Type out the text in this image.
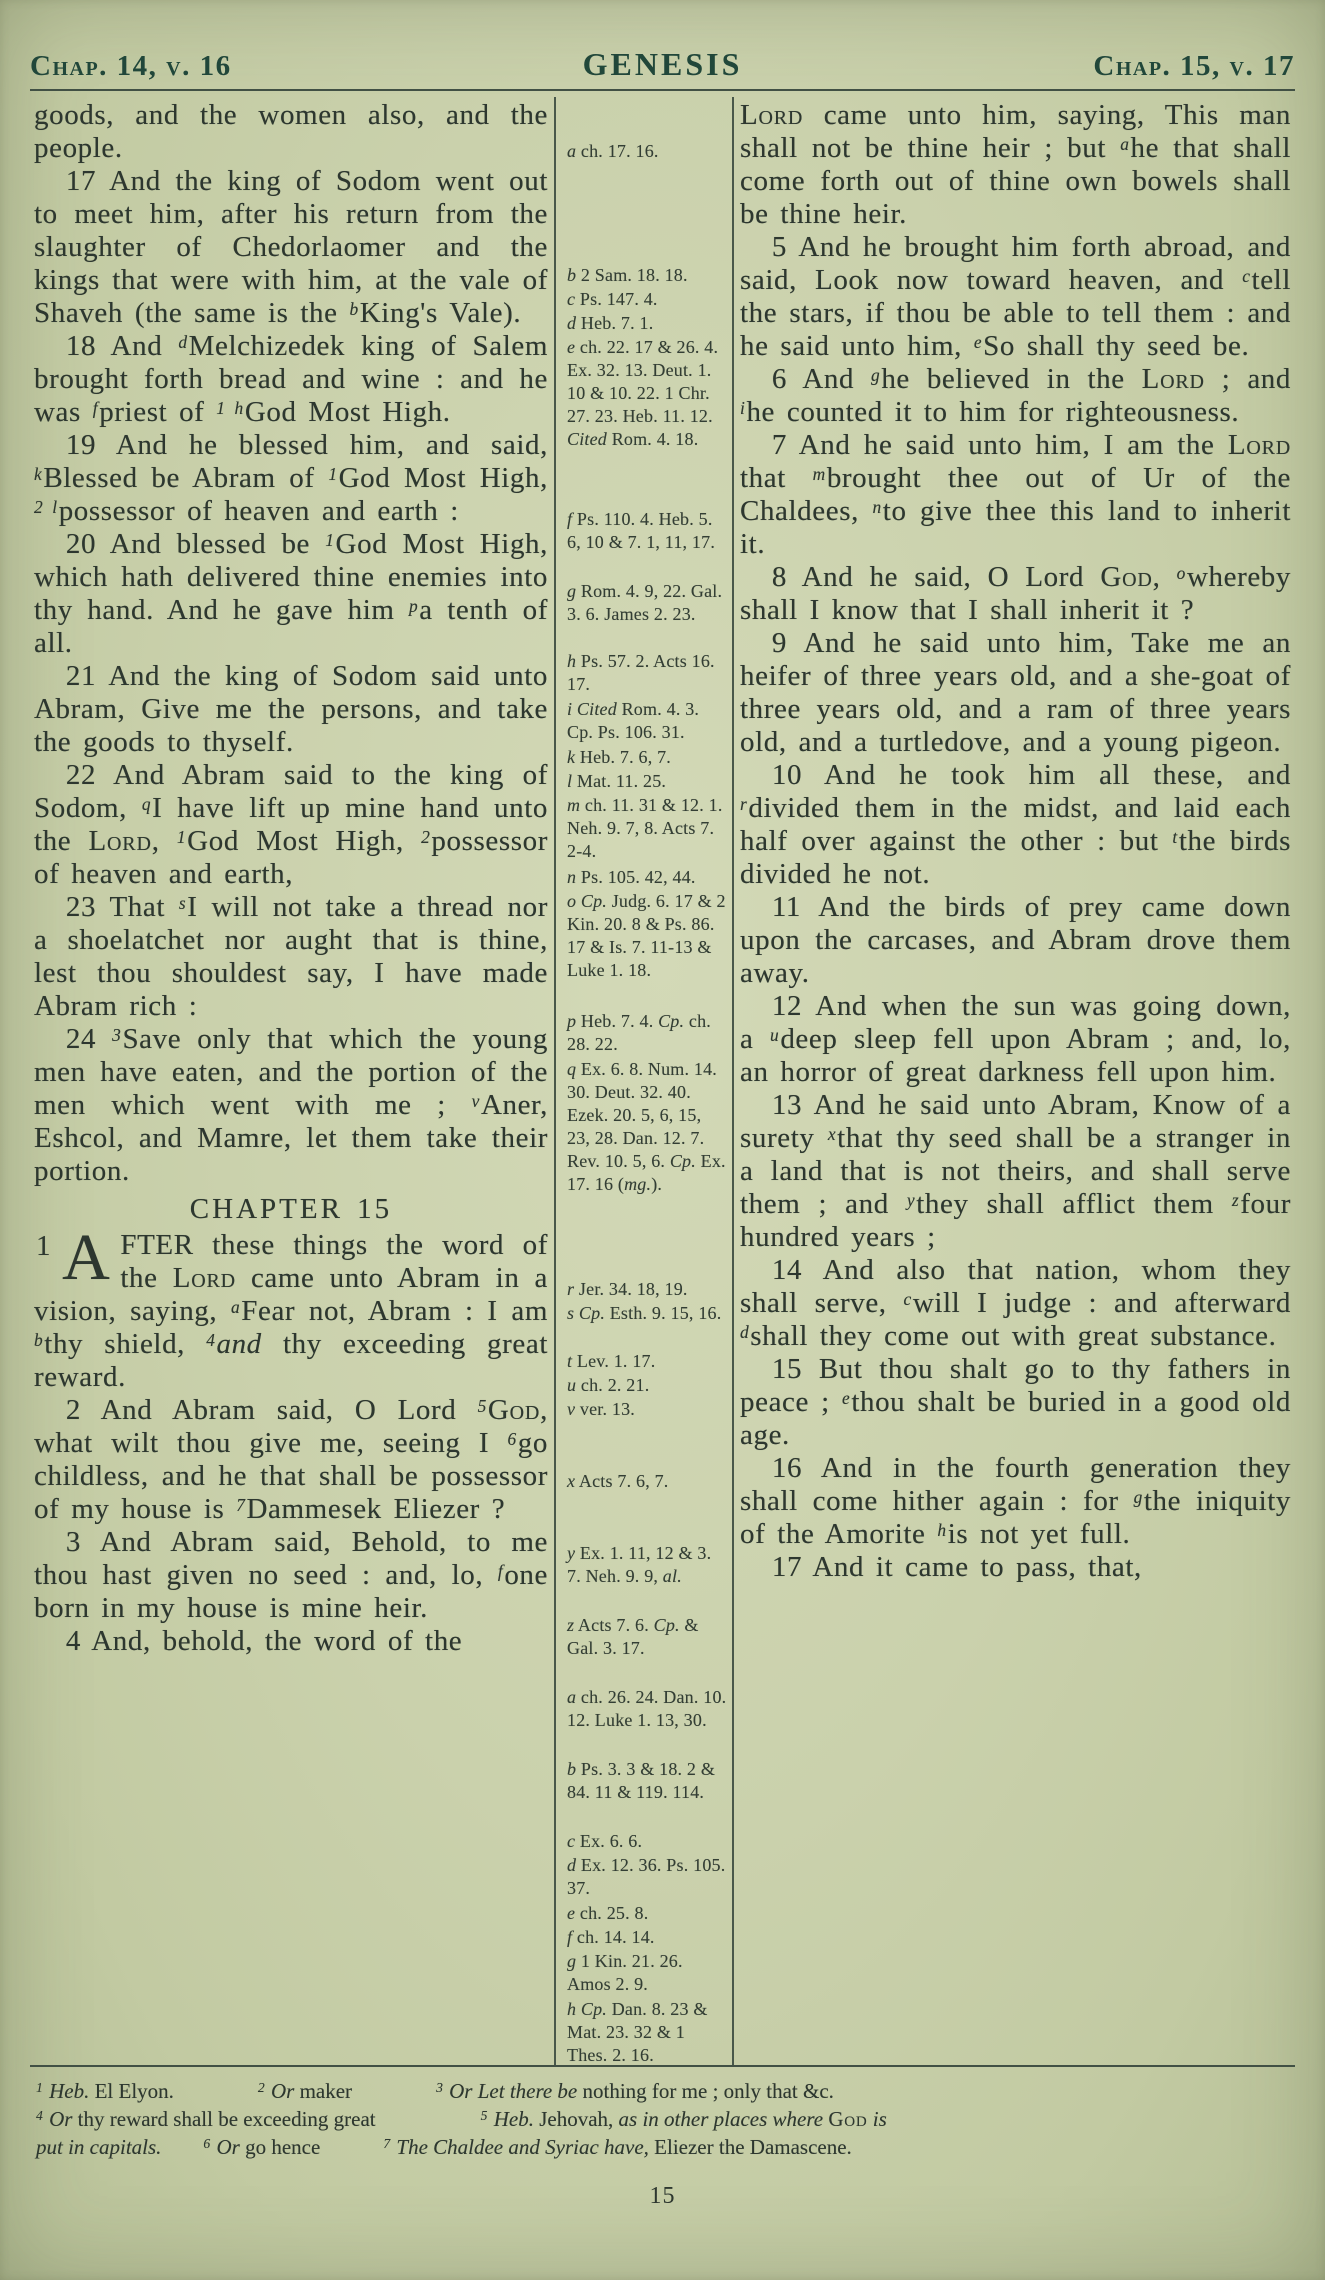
Chap. 14, v. 16	GENESIS	Chap. 15, v. 17

goods, and the women also, and the people.

17 And the king of Sodom went out to meet him, after his return from the slaughter of Chedorlaomer and the kings that were with him, at the vale of Shaveh (the same is the $^b$King's Vale).

18 And $^d$Melchizedek king of Salem brought forth bread and wine : and he was $^f$priest of $^{1 h}$God Most High.

19 And he blessed him, and said, $^k$Blessed be Abram of $^1$God Most High, $^{2 l}$possessor of heaven and earth :

20 And blessed be $^1$God Most High, which hath delivered thine enemies into thy hand. And he gave him $^p$a tenth of all.

21 And the king of Sodom said unto Abram, Give me the persons, and take the goods to thyself.

22 And Abram said to the king of Sodom, $^q$I have lift up mine hand unto the Lord, $^1$God Most High, $^2$possessor of heaven and earth,

23 That $^s$I will not take a thread nor a shoelatchet nor aught that is thine, lest thou shouldest say, I have made Abram rich :

24 $^3$Save only that which the young men have eaten, and the portion of the men which went with me ; $^v$Aner, Eshcol, and Mamre, let them take their portion.

CHAPTER 15

1 A FTER these things the word of the Lord came unto Abram in a vision, saying, $^a$Fear not, Abram : I am $^b$thy shield, $^4$and thy exceeding great reward.

2 And Abram said, O Lord $^5$God, what wilt thou give me, seeing I $^6$go childless, and he that shall be possessor of my house is $^7$Dammesek Eliezer ?

3 And Abram said, Behold, to me thou hast given no seed : and, lo, $^f$one born in my house is mine heir.

4 And, behold, the word of the

a ch. 17. 16.
b 2 Sam. 18. 18.
c Ps. 147. 4.
d Heb. 7. 1.
e ch. 22. 17 & 26. 4. Ex. 32. 13. Deut. 1. 10 & 10. 22. 1 Chr. 27. 23. Heb. 11. 12. Cited Rom. 4. 18.
f Ps. 110. 4. Heb. 5. 6, 10 & 7. 1, 11, 17.
g Rom. 4. 9, 22. Gal. 3. 6. James 2. 23.
h Ps. 57. 2. Acts 16. 17.
i Cited Rom. 4. 3. Cp. Ps. 106. 31.
k Heb. 7. 6, 7.
l Mat. 11. 25.
m ch. 11. 31 & 12. 1. Neh. 9. 7, 8. Acts 7. 2-4.
n Ps. 105. 42, 44.
o Cp. Judg. 6. 17 & 2 Kin. 20. 8 & Ps. 86. 17 & Is. 7. 11-13 & Luke 1. 18.
p Heb. 7. 4. Cp. ch. 28. 22.
q Ex. 6. 8. Num. 14. 30. Deut. 32. 40. Ezek. 20. 5, 6, 15, 23, 28. Dan. 12. 7. Rev. 10. 5, 6. Cp. Ex. 17. 16 (mg.).
r Jer. 34. 18, 19.
s Cp. Esth. 9. 15, 16.
t Lev. 1. 17.
u ch. 2. 21.
v ver. 13.
x Acts 7. 6, 7.
y Ex. 1. 11, 12 & 3. 7. Neh. 9. 9, al.
z Acts 7. 6. Cp. & Gal. 3. 17.
a ch. 26. 24. Dan. 10. 12. Luke 1. 13, 30.
b Ps. 3. 3 & 18. 2 & 84. 11 & 119. 114.
c Ex. 6. 6.
d Ex. 12. 36. Ps. 105. 37.
e ch. 25. 8.
f ch. 14. 14.
g 1 Kin. 21. 26. Amos 2. 9.
h Cp. Dan. 8. 23 & Mat. 23. 32 & 1 Thes. 2. 16.

Lord came unto him, saying, This man shall not be thine heir ; but $^a$he that shall come forth out of thine own bowels shall be thine heir.

5 And he brought him forth abroad, and said, Look now toward heaven, and $^c$tell the stars, if thou be able to tell them : and he said unto him, $^e$So shall thy seed be.

6 And $^g$he believed in the Lord ; and $^i$he counted it to him for righteousness.

7 And he said unto him, I am the Lord that $^m$brought thee out of Ur of the Chaldees, $^n$to give thee this land to inherit it.

8 And he said, O Lord God, $^o$whereby shall I know that I shall inherit it ?

9 And he said unto him, Take me an heifer of three years old, and a she-goat of three years old, and a ram of three years old, and a turtledove, and a young pigeon.

10 And he took him all these, and $^r$divided them in the midst, and laid each half over against the other : but $^t$the birds divided he not.

11 And the birds of prey came down upon the carcases, and Abram drove them away.

12 And when the sun was going down, a $^u$deep sleep fell upon Abram ; and, lo, an horror of great darkness fell upon him.

13 And he said unto Abram, Know of a surety $^x$that thy seed shall be a stranger in a land that is not theirs, and shall serve them ; and $^y$they shall afflict them $^z$four hundred years ;

14 And also that nation, whom they shall serve, $^c$will I judge : and afterward $^d$shall they come out with great substance.

15 But thou shalt go to thy fathers in peace ; $^e$thou shalt be buried in a good old age.

16 And in the fourth generation they shall come hither again : for $^g$the iniquity of the Amorite $^h$is not yet full.

17 And it came to pass, that,

$^1$ Heb. El Elyon.    $^2$ Or maker    $^3$ Or Let there be nothing for me ; only that &c.
$^4$ Or thy reward shall be exceeding great     $^5$ Heb. Jehovah, as in other places where God is
put in capitals.  	$^6$ Or go hence   $^7$ The Chaldee and Syriac have, Eliezer the Damascene.
15
